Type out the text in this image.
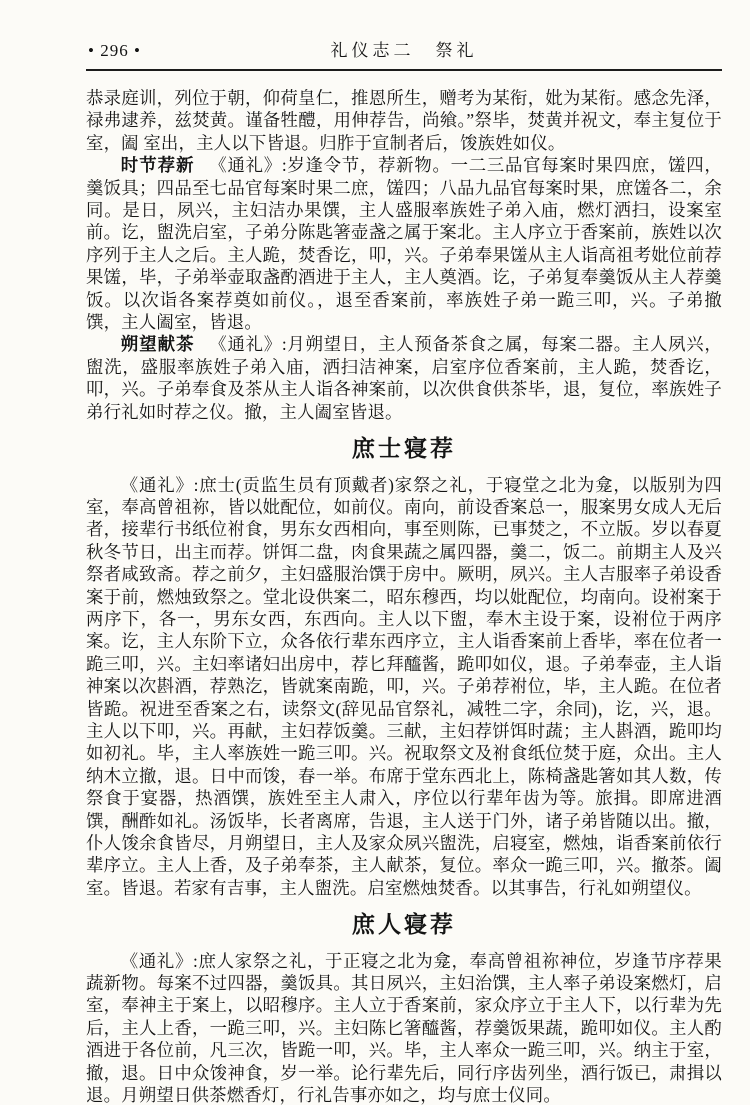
• 296 •	礼仪志二　祭礼

恭录庭训，列位于朝，仰荷皇仁，推恩所生，赠考为某衔，妣为某衔。感念先泽，禄弗逮养，兹焚黄。谨备牲醴，用伸荐告，尚飨。”祭毕，焚黄并祝文，奉主复位于室，阖 室出，主人以下皆退。归胙于宣制者后，馂族姓如仪。

时节荐新 《通礼》:岁逢令节，荐新物。一二三品官每案时果四庶，馐四，羹饭具；四品至七品官每案时果二庶，馐四；八品九品官每案时果，庶馐各二，余同。是日，夙兴，主妇洁办果馔，主人盛服率族姓子弟入庙，燃灯洒扫，设案室前。讫，盥洗启室，子弟分陈匙箸壶盏之属于案北。主人序立于香案前，族姓以次序列于主人之后。主人跪，焚香讫，叩，兴。子弟奉果馐从主人诣高祖考妣位前荐果馐，毕，子弟举壶取盏酌酒进于主人，主人奠酒。讫，子弟复奉羹饭从主人荐羹饭。以次诣各案荐奠如前仪。，退至香案前，率族姓子弟一跪三叩，兴。子弟撤馔，主人阖室，皆退。

朔望献茶 《通礼》:月朔望日，主人预备茶食之属，每案二器。主人夙兴，盥洗，盛服率族姓子弟入庙，洒扫洁神案，启室序位香案前，主人跪，焚香讫，叩，兴。子弟奉食及茶从主人诣各神案前，以次供食供茶毕，退，复位，率族姓子弟行礼如时荐之仪。撤，主人阖室皆退。

庶士寝荐

《通礼》:庶士(贡监生员有顶戴者)家祭之礼，于寝堂之北为龛，以版别为四室，奉高曾祖祢，皆以妣配位，如前仪。南向，前设香案总一，服案男女成人无后者，接辈行书纸位祔食，男东女西相向，事至则陈，已事焚之，不立版。岁以春夏秋冬节日，出主而荐。饼饵二盘，肉食果蔬之属四器，羹二，饭二。前期主人及兴祭者咸致斋。荐之前夕，主妇盛服治馔于房中。厥明，夙兴。主人吉服率子弟设香案于前，燃烛致祭之。堂北设供案二，昭东穆西，均以妣配位，均南向。设祔案于两序下，各一，男东女西，东西向。主人以下盥，奉木主设于案，设祔位于两序案。讫，主人东阶下立，众各依行辈东西序立，主人诣香案前上香毕，率在位者一跪三叩，兴。主妇率诸妇出房中，荐匕拜醯酱，跪叩如仪，退。子弟奉壶，主人诣神案以次斟酒，荐熟汔，皆就案南跪，叩，兴。子弟荐祔位，毕，主人跪。在位者皆跪。祝进至香案之右，读祭文(辞见品官祭礼，减牲二字，余同)，讫，兴，退。主人以下叩，兴。再献，主妇荐饭羹。三献，主妇荐饼饵时蔬；主人斟酒，跪叩均如初礼。毕，主人率族姓一跪三叩。兴。祝取祭文及祔食纸位焚于庭，众出。主人纳木立撤，退。日中而馂，春一举。布席于堂东西北上，陈椅盏匙箸如其人数，传祭食于宴器，热酒馔，族姓至主人肃入，序位以行辈年齿为等。旅揖。即席进酒馔，酬酢如礼。汤饭毕，长者离席，告退，主人送于门外，诸子弟皆随以出。撤，仆人馂余食皆尽，月朔望日，主人及家众夙兴盥洗，启寝室，燃烛，诣香案前依行辈序立。主人上香，及子弟奉茶，主人献茶，复位。率众一跪三叩，兴。撤茶。阖室。皆退。若家有吉事，主人盥洗。启室燃烛焚香。以其事告，行礼如朔望仪。

庶人寝荐

《通礼》:庶人家祭之礼，于正寝之北为龛，奉高曾祖祢神位，岁逢节序荐果蔬新物。每案不过四器，羹饭具。其日夙兴，主妇治馔，主人率子弟设案燃灯，启室，奉神主于案上，以昭穆序。主人立于香案前，家众序立于主人下，以行辈为先后，主人上香，一跪三叩，兴。主妇陈匕箸醯酱，荐羹饭果蔬，跪叩如仪。主人酌酒进于各位前，凡三次，皆跪一叩，兴。毕，主人率众一跪三叩，兴。纳主于室，撤，退。日中众馂神食，岁一举。论行辈先后，同行序齿列坐，酒行饭已，肃揖以退。月朔望日供茶燃香灯，行礼告事亦如之，均与庶士仪同。
